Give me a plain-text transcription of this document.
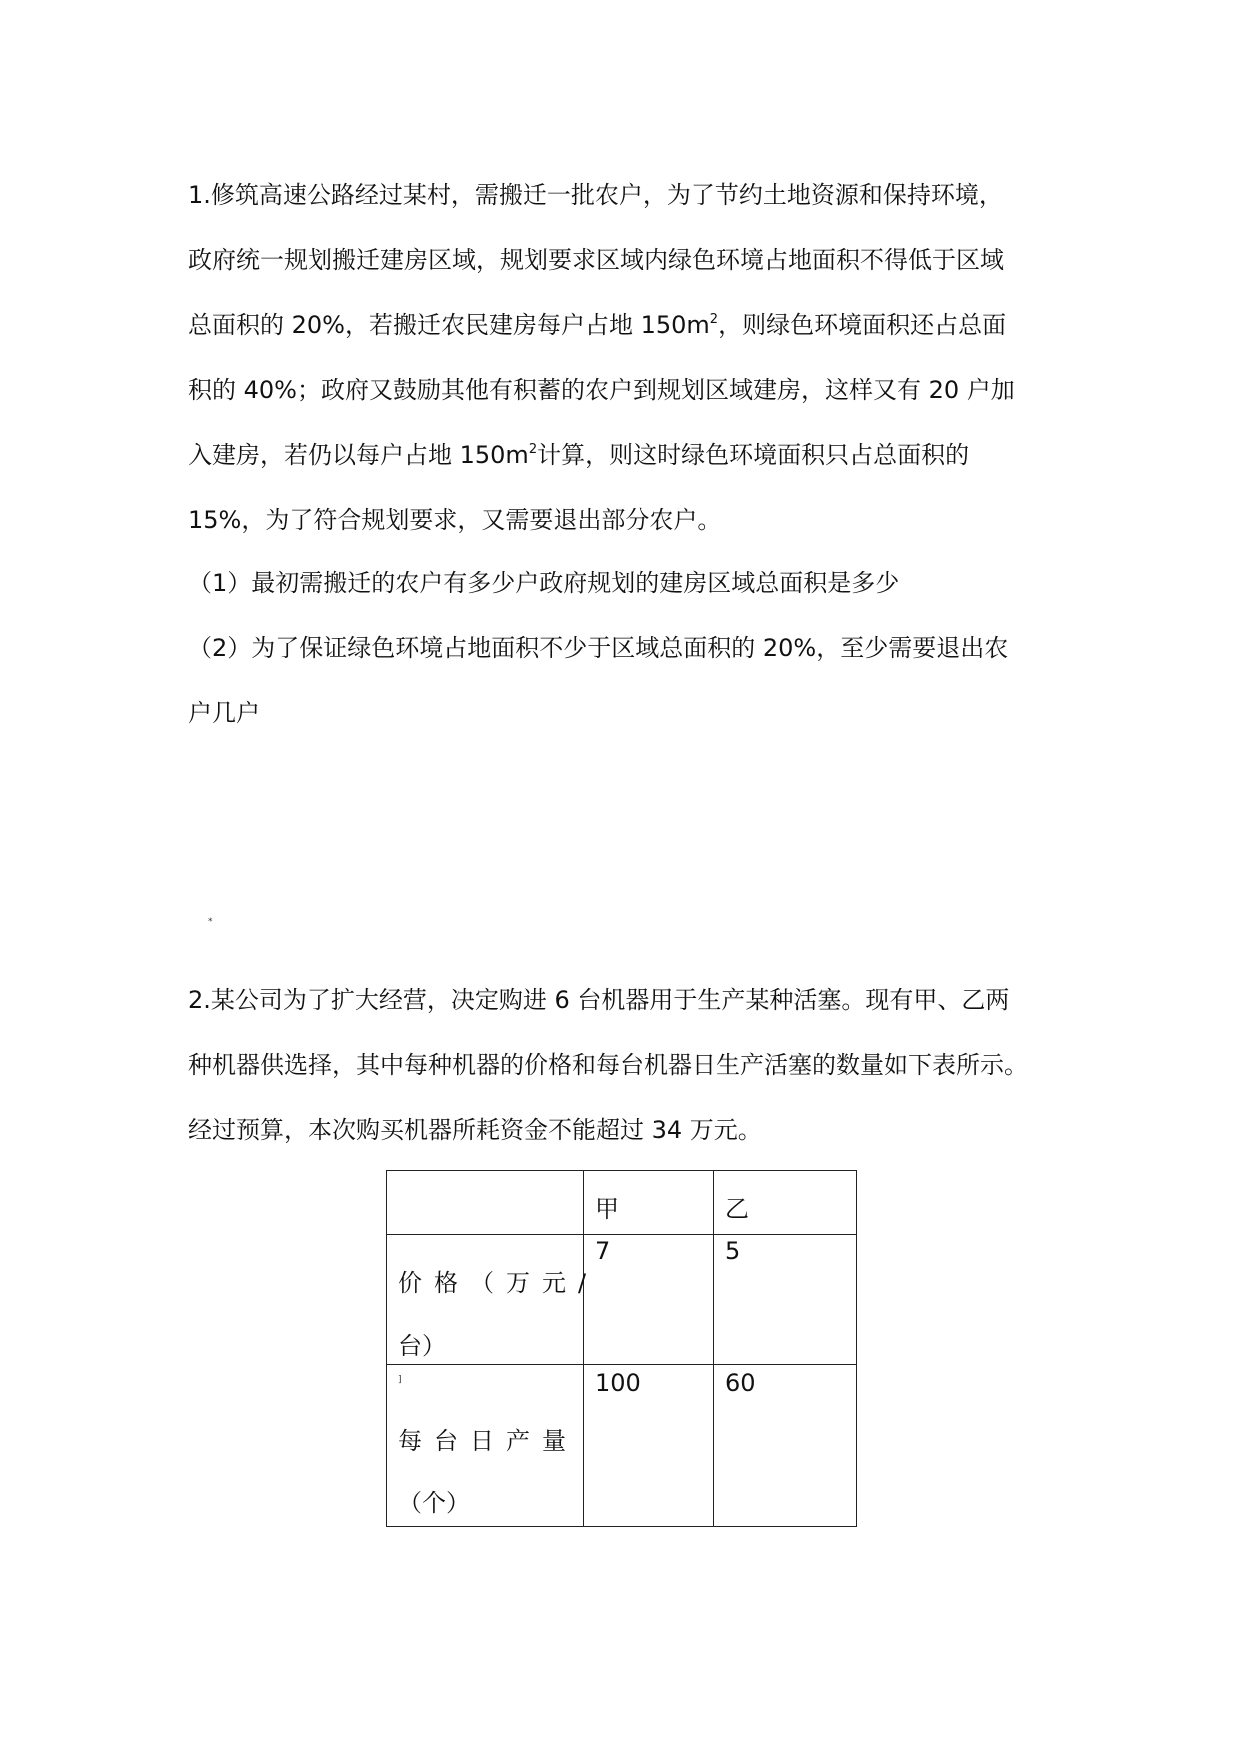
1.修筑高速公路经过某村，需搬迁一批农户，为了节约土地资源和保持环境，
政府统一规划搬迁建房区域，规划要求区域内绿色环境占地面积不得低于区域
总面积的 20%，若搬迁农民建房每户占地 $150m^2$，则绿色环境面积还占总面
积的 40%；政府又鼓励其他有积蓄的农户到规划区域建房，这样又有 20 户加
入建房，若仍以每户占地 $150m^2$计算，则这时绿色环境面积只占总面积的
15%，为了符合规划要求，又需要退出部分农户。
（1）最初需搬迁的农户有多少户政府规划的建房区域总面积是多少
（2）为了保证绿色环境占地面积不少于区域总面积的 20%，至少需要退出农
户几户
*
2.某公司为了扩大经营，决定购进 6 台机器用于生产某种活塞。现有甲、乙两
种机器供选择，其中每种机器的价格和每台机器日生产活塞的数量如下表所示。
经过预算，本次购买机器所耗资金不能超过 34 万元。

	甲	乙

价格（万元/
台）	7	5

]
每台日产量
（个）	100	60
